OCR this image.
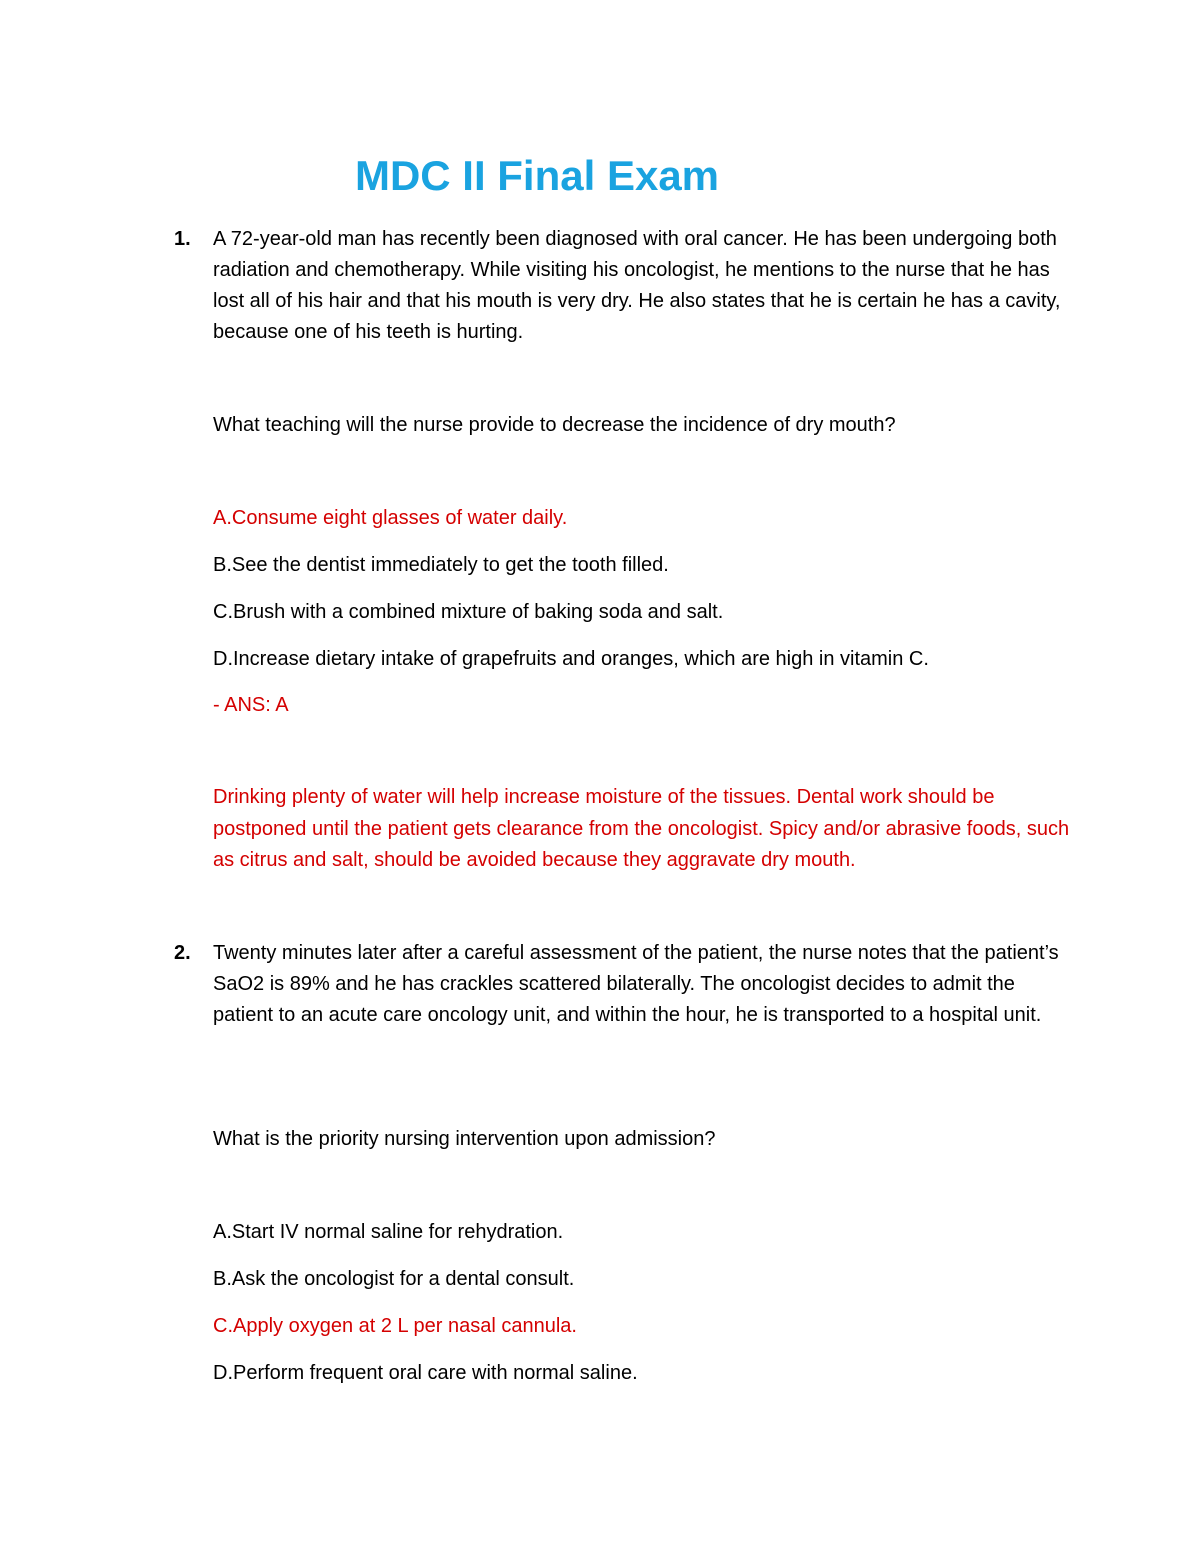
MDC II Final Exam
1. A 72-year-old man has recently been diagnosed with oral cancer. He has been undergoing both radiation and chemotherapy. While visiting his oncologist, he mentions to the nurse that he has lost all of his hair and that his mouth is very dry. He also states that he is certain he has a cavity, because one of his teeth is hurting.

What teaching will the nurse provide to decrease the incidence of dry mouth?

A.Consume eight glasses of water daily.

B.See the dentist immediately to get the tooth filled.

C.Brush with a combined mixture of baking soda and salt.

D.Increase dietary intake of grapefruits and oranges, which are high in vitamin C.

- ANS: A

Drinking plenty of water will help increase moisture of the tissues. Dental work should be postponed until the patient gets clearance from the oncologist. Spicy and/or abrasive foods, such as citrus and salt, should be avoided because they aggravate dry mouth.

2. Twenty minutes later after a careful assessment of the patient, the nurse notes that the patient’s SaO2 is 89% and he has crackles scattered bilaterally. The oncologist decides to admit the patient to an acute care oncology unit, and within the hour, he is transported to a hospital unit.

What is the priority nursing intervention upon admission?

A.Start IV normal saline for rehydration.

B.Ask the oncologist for a dental consult.

C.Apply oxygen at 2 L per nasal cannula.

D.Perform frequent oral care with normal saline.
